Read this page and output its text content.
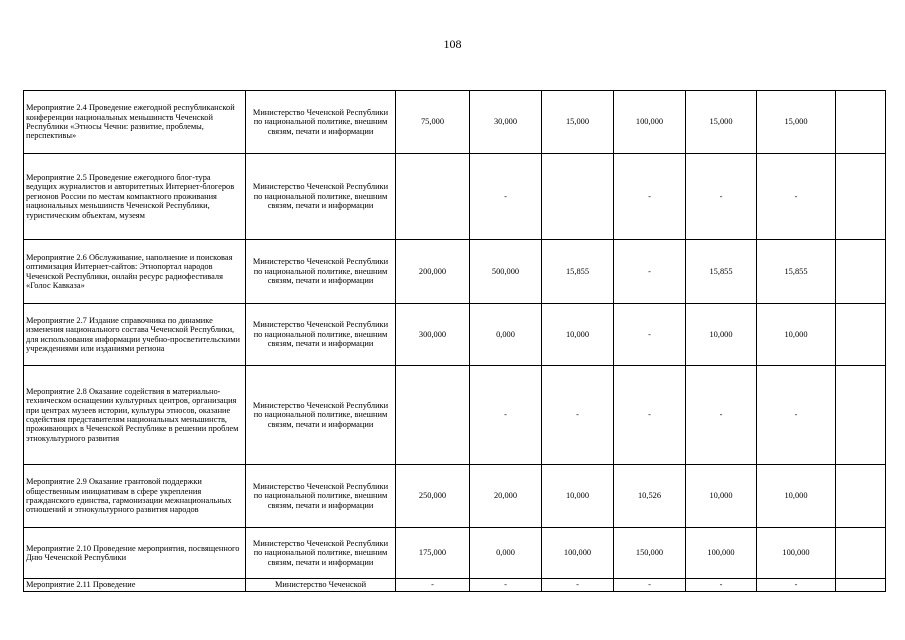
108
Мероприятие 2.4 Проведение ежегодной республиканской конференции национальных меньшинств Чеченской Республики «Этносы Чечни: развитие, проблемы, перспективы»	Министерство Чеченской Республики по национальной политике, внешним связям, печати и информации	75,000	30,000	15,000	100,000	15,000	15,000	
Мероприятие 2.5 Проведение ежегодного блог-тура ведущих журналистов и авторитетных Интернет-блогеров регионов России по местам компактного проживания национальных меньшинств Чеченской Республики, туристическим объектам, музеям	Министерство Чеченской Республики по национальной политике, внешним связям, печати и информации		-		-	-	-	
Мероприятие 2.6 Обслуживание, наполнение и поисковая оптимизация Интернет-сайтов: Этнопортал народов Чеченской Республики, онлайн ресурс радиофестиваля «Голос Кавказа»	Министерство Чеченской Республики по национальной политике, внешним связям, печати и информации	200,000	500,000	15,855	-	15,855	15,855	
Мероприятие 2.7 Издание справочника по динамике изменения национального состава Чеченской Республики, для использования информации учебно-просветительскими учреждениями или изданиями региона	Министерство Чеченской Республики по национальной политике, внешним связям, печати и информации	300,000	0,000	10,000	-	10,000	10,000	
Мероприятие 2.8 Оказание содействия в материально-техническом оснащении культурных центров, организация при центрах музеев истории, культуры этносов, оказание содействия представителям национальных меньшинств, проживающих в Чеченской Республике в решении проблем этнокультурного развития	Министерство Чеченской Республики по национальной политике, внешним связям, печати и информации		-	-	-	-	-	
Мероприятие 2.9 Оказание грантовой поддержки общественным инициативам в сфере укрепления гражданского единства, гармонизации межнациональных отношений и этнокультурного развития народов	Министерство Чеченской Республики по национальной политике, внешним связям, печати и информации	250,000	20,000	10,000	10,526	10,000	10,000	
Мероприятие 2.10 Проведение мероприятия, посвященного Дню Чеченской Республики	Министерство Чеченской Республики по национальной политике, внешним связям, печати и информации	175,000	0,000	100,000	150,000	100,000	100,000	
Мероприятие 2.11 Проведение	Министерство Чеченской	-	-	-	-	-	-	
